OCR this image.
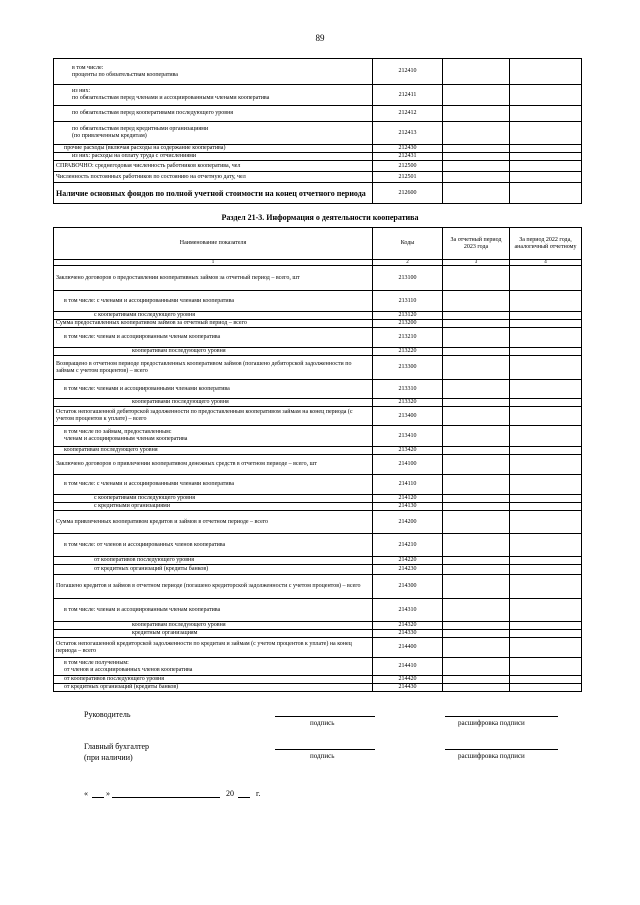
89
в том числе:
проценты по обязательствам кооператива	212410		
из них:
по обязательствам перед членами и ассоциированными членами кооператива	212411		
по обязательствам перед кооперативами последующего уровня	212412		
по обязательствам перед кредитными организациями
(по привлеченным кредитам)	212413		
прочие расходы (включая расходы на содержание кооператива)	212430		
из них: расходы на оплату труда с отчислениями	212431		
СПРАВОЧНО: среднегодовая численность работников кооператива, чел	212500		
Численность постоянных работников по состоянию на отчетную дату, чел	212501		
Наличие основных фондов по полной учетной стоимости на конец отчетного периода	212600		
Раздел 21-3. Информация о деятельности кооператива
Наименование показателя	Коды	За отчетный период 2023 года	За период 2022 года, аналогичный отчетному
1	2	3	4
Заключено договоров о предоставлении кооперативных займов за отчетный период – всего, шт	213100		
в том числе: с членами и ассоциированными членами кооператива	213110		
с кооперативами последующего уровня	213120		
Сумма предоставленных кооперативом займов за отчетный период – всего	213200		
в том числе: членам и ассоциированным членам кооператива	213210		
кооперативам последующего уровня	213220		
Возвращено в отчетном периоде предоставленных кооперативом займов (погашено дебиторской задолженности по займам с учетом процентов) – всего	213300		
в том числе: членами и ассоциированными членами кооператива	213310		
кооперативами последующего уровня	213320		
Остаток непогашенной дебиторской задолженности по предоставленным кооперативом займам на конец периода (с учетом процентов к уплате) – всего	213400		
в том числе по займам, предоставленным:
членам и ассоциированным членам кооператива	213410		
кооперативам последующего уровня	213420		
Заключено договоров о привлечении кооперативом денежных средств в отчетном периоде – всего, шт	214100		
в том числе: с членами и ассоциированными членами кооператива	214110		
с кооперативами последующего уровня	214120		
с кредитными организациями	214130		
Сумма привлеченных кооперативом кредитов и займов в отчетном периоде – всего	214200		
в том числе: от членов и ассоциированных членов кооператива	214210		
от кооперативов последующего уровня	214220		
от кредитных организаций (кредиты банков)	214230		
Погашено кредитов и займов в отчетном периоде (погашено кредиторской задолженности с учетом процентов) – всего	214300		
в том числе: членам и ассоциированным членам кооператива	214310		
кооперативам последующего уровня	214320		
кредитным организациям	214330		
Остаток непогашенной кредиторской задолженности по кредитам и займам (с учетом процентов к уплате) на конец периода – всего	214400		
в том числе полученным:
от членов и ассоциированных членов кооператива	214410		
от кооперативов последующего уровня	214420		
от кредитных организаций (кредиты банков)	214430		
Руководитель
подпись	расшифровка подписи
Главный бухгалтер
(при наличии)	подпись	расшифровка подписи
« »	20	г.
